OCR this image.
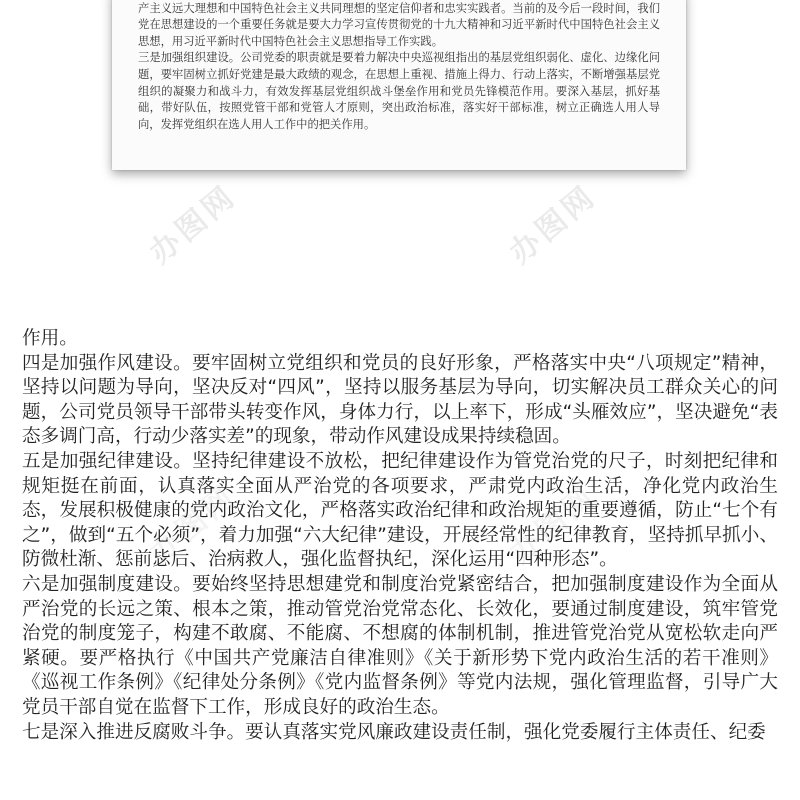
产主义远大理想和中国特色社会主义共同理想的坚定信仰者和忠实实践者。当前的及今后一段时间，我们党在思想建设的一个重要任务就是要大力学习宣传贯彻党的十九大精神和习近平新时代中国特色社会主义思想，用习近平新时代中国特色社会主义思想指导工作实践。

三是加强组织建设。公司党委的职责就是要着力解决中央巡视组指出的基层党组织弱化、虚化、边缘化问题，要牢固树立抓好党建是最大政绩的观念，在思想上重视、措施上得力、行动上落实，不断增强基层党组织的凝聚力和战斗力，有效发挥基层党组织战斗堡垒作用和党员先锋模范作用。要深入基层，抓好基础，带好队伍，按照党管干部和党管人才原则，突出政治标准，落实好干部标准，树立正确选人用人导向，发挥党组织在选人用人工作中的把关作用。

办图网	办图网
办图网	办图网

作用。

四是加强作风建设。要牢固树立党组织和党员的良好形象，严格落实中央“八项规定”精神，坚持以问题为导向，坚决反对“四风”，坚持以服务基层为导向，切实解决员工群众关心的问题，公司党员领导干部带头转变作风，身体力行，以上率下，形成“头雁效应”，坚决避免“表态多调门高，行动少落实差”的现象，带动作风建设成果持续稳固。

五是加强纪律建设。坚持纪律建设不放松，把纪律建设作为管党治党的尺子，时刻把纪律和规矩挺在前面，认真落实全面从严治党的各项要求，严肃党内政治生活，净化党内政治生态，发展积极健康的党内政治文化，严格落实政治纪律和政治规矩的重要遵循，防止“七个有之”，做到“五个必须”，着力加强“六大纪律”建设，开展经常性的纪律教育，坚持抓早抓小、防微杜渐、惩前毖后、治病救人，强化监督执纪，深化运用“四种形态”。

六是加强制度建设。要始终坚持思想建党和制度治党紧密结合，把加强制度建设作为全面从严治党的长远之策、根本之策，推动管党治党常态化、长效化，要通过制度建设，筑牢管党治党的制度笼子，构建不敢腐、不能腐、不想腐的体制机制，推进管党治党从宽松软走向严紧硬。要严格执行《中国共产党廉洁自律准则》《关于新形势下党内政治生活的若干准则》《巡视工作条例》《纪律处分条例》《党内监督条例》等党内法规，强化管理监督，引导广大党员干部自觉在监督下工作，形成良好的政治生态。

七是深入推进反腐败斗争。要认真落实党风廉政建设责任制，强化党委履行主体责任、纪委
